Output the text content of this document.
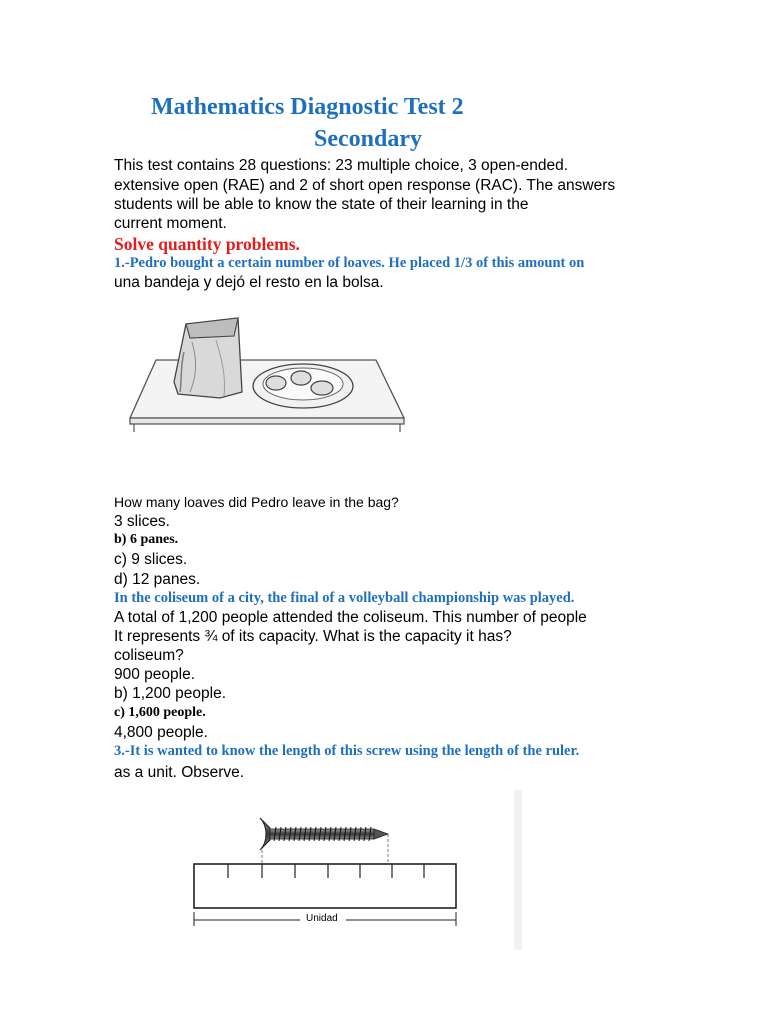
Mathematics Diagnostic Test 2
Secondary
This test contains 28 questions: 23 multiple choice, 3 open-ended.
extensive open (RAE) and 2 of short open response (RAC). The answers
students will be able to know the state of their learning in the
current moment.
Solve quantity problems.
1.-Pedro bought a certain number of loaves. He placed 1/3 of this amount on
una bandeja y dejó el resto en la bolsa.
How many loaves did Pedro leave in the bag?
3 slices.
b) 6 panes.
c) 9 slices.
d) 12 panes.
In the coliseum of a city, the final of a volleyball championship was played.
A total of 1,200 people attended the coliseum. This number of people
It represents ¾ of its capacity. What is the capacity it has?
coliseum?
900 people.
b) 1,200 people.
c) 1,600 people.
4,800 people.
3.-It is wanted to know the length of this screw using the length of the ruler.
as a unit. Observe.
Unidad
